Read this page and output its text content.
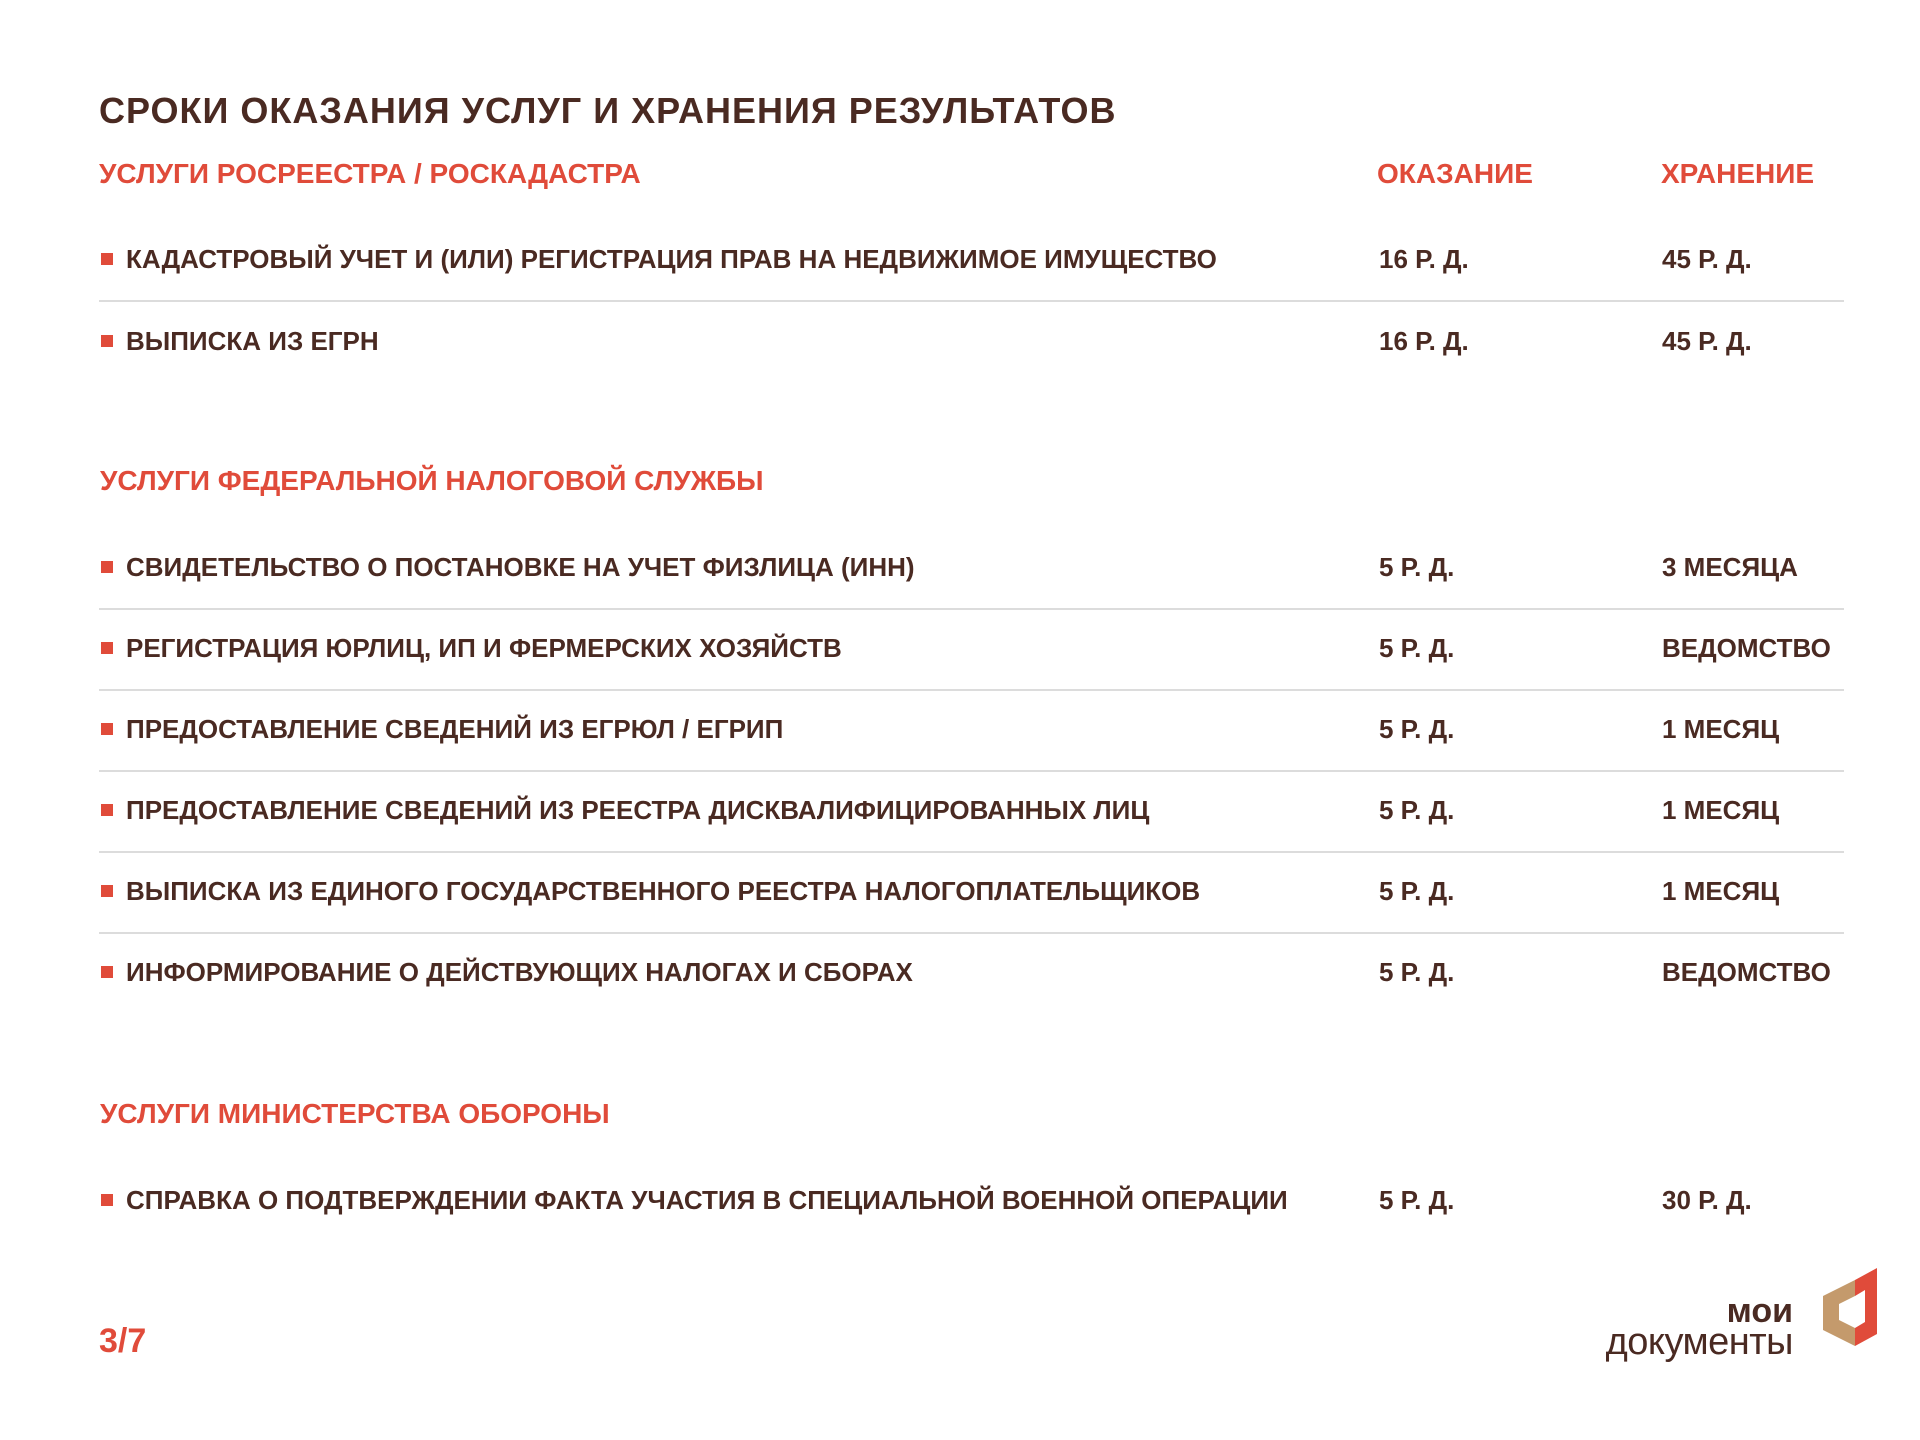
СРОКИ ОКАЗАНИЯ УСЛУГ И ХРАНЕНИЯ РЕЗУЛЬТАТОВ
УСЛУГИ РОСРЕЕСТРА / РОСКАДАСТРА	ОКАЗАНИЕ	ХРАНЕНИЕ
КАДАСТРОВЫЙ УЧЕТ И (ИЛИ) РЕГИСТРАЦИЯ ПРАВ НА НЕДВИЖИМОЕ ИМУЩЕСТВО	16 Р. Д.	45 Р. Д.
ВЫПИСКА ИЗ ЕГРН	16 Р. Д.	45 Р. Д.
УСЛУГИ ФЕДЕРАЛЬНОЙ НАЛОГОВОЙ СЛУЖБЫ
СВИДЕТЕЛЬСТВО О ПОСТАНОВКЕ НА УЧЕТ ФИЗЛИЦА (ИНН)	5 Р. Д.	3 МЕСЯЦА
РЕГИСТРАЦИЯ ЮРЛИЦ, ИП И ФЕРМЕРСКИХ ХОЗЯЙСТВ	5 Р. Д.	ВЕДОМСТВО
ПРЕДОСТАВЛЕНИЕ СВЕДЕНИЙ ИЗ ЕГРЮЛ / ЕГРИП	5 Р. Д.	1 МЕСЯЦ
ПРЕДОСТАВЛЕНИЕ СВЕДЕНИЙ ИЗ РЕЕСТРА ДИСКВАЛИФИЦИРОВАННЫХ ЛИЦ	5 Р. Д.	1 МЕСЯЦ
ВЫПИСКА ИЗ ЕДИНОГО ГОСУДАРСТВЕННОГО РЕЕСТРА НАЛОГОПЛАТЕЛЬЩИКОВ	5 Р. Д.	1 МЕСЯЦ
ИНФОРМИРОВАНИЕ О ДЕЙСТВУЮЩИХ НАЛОГАХ И СБОРАХ	5 Р. Д.	ВЕДОМСТВО
УСЛУГИ МИНИСТЕРСТВА ОБОРОНЫ
СПРАВКА О ПОДТВЕРЖДЕНИИ ФАКТА УЧАСТИЯ В СПЕЦИАЛЬНОЙ ВОЕННОЙ ОПЕРАЦИИ	5 Р. Д.	30 Р. Д.
3/7
мои
документы
